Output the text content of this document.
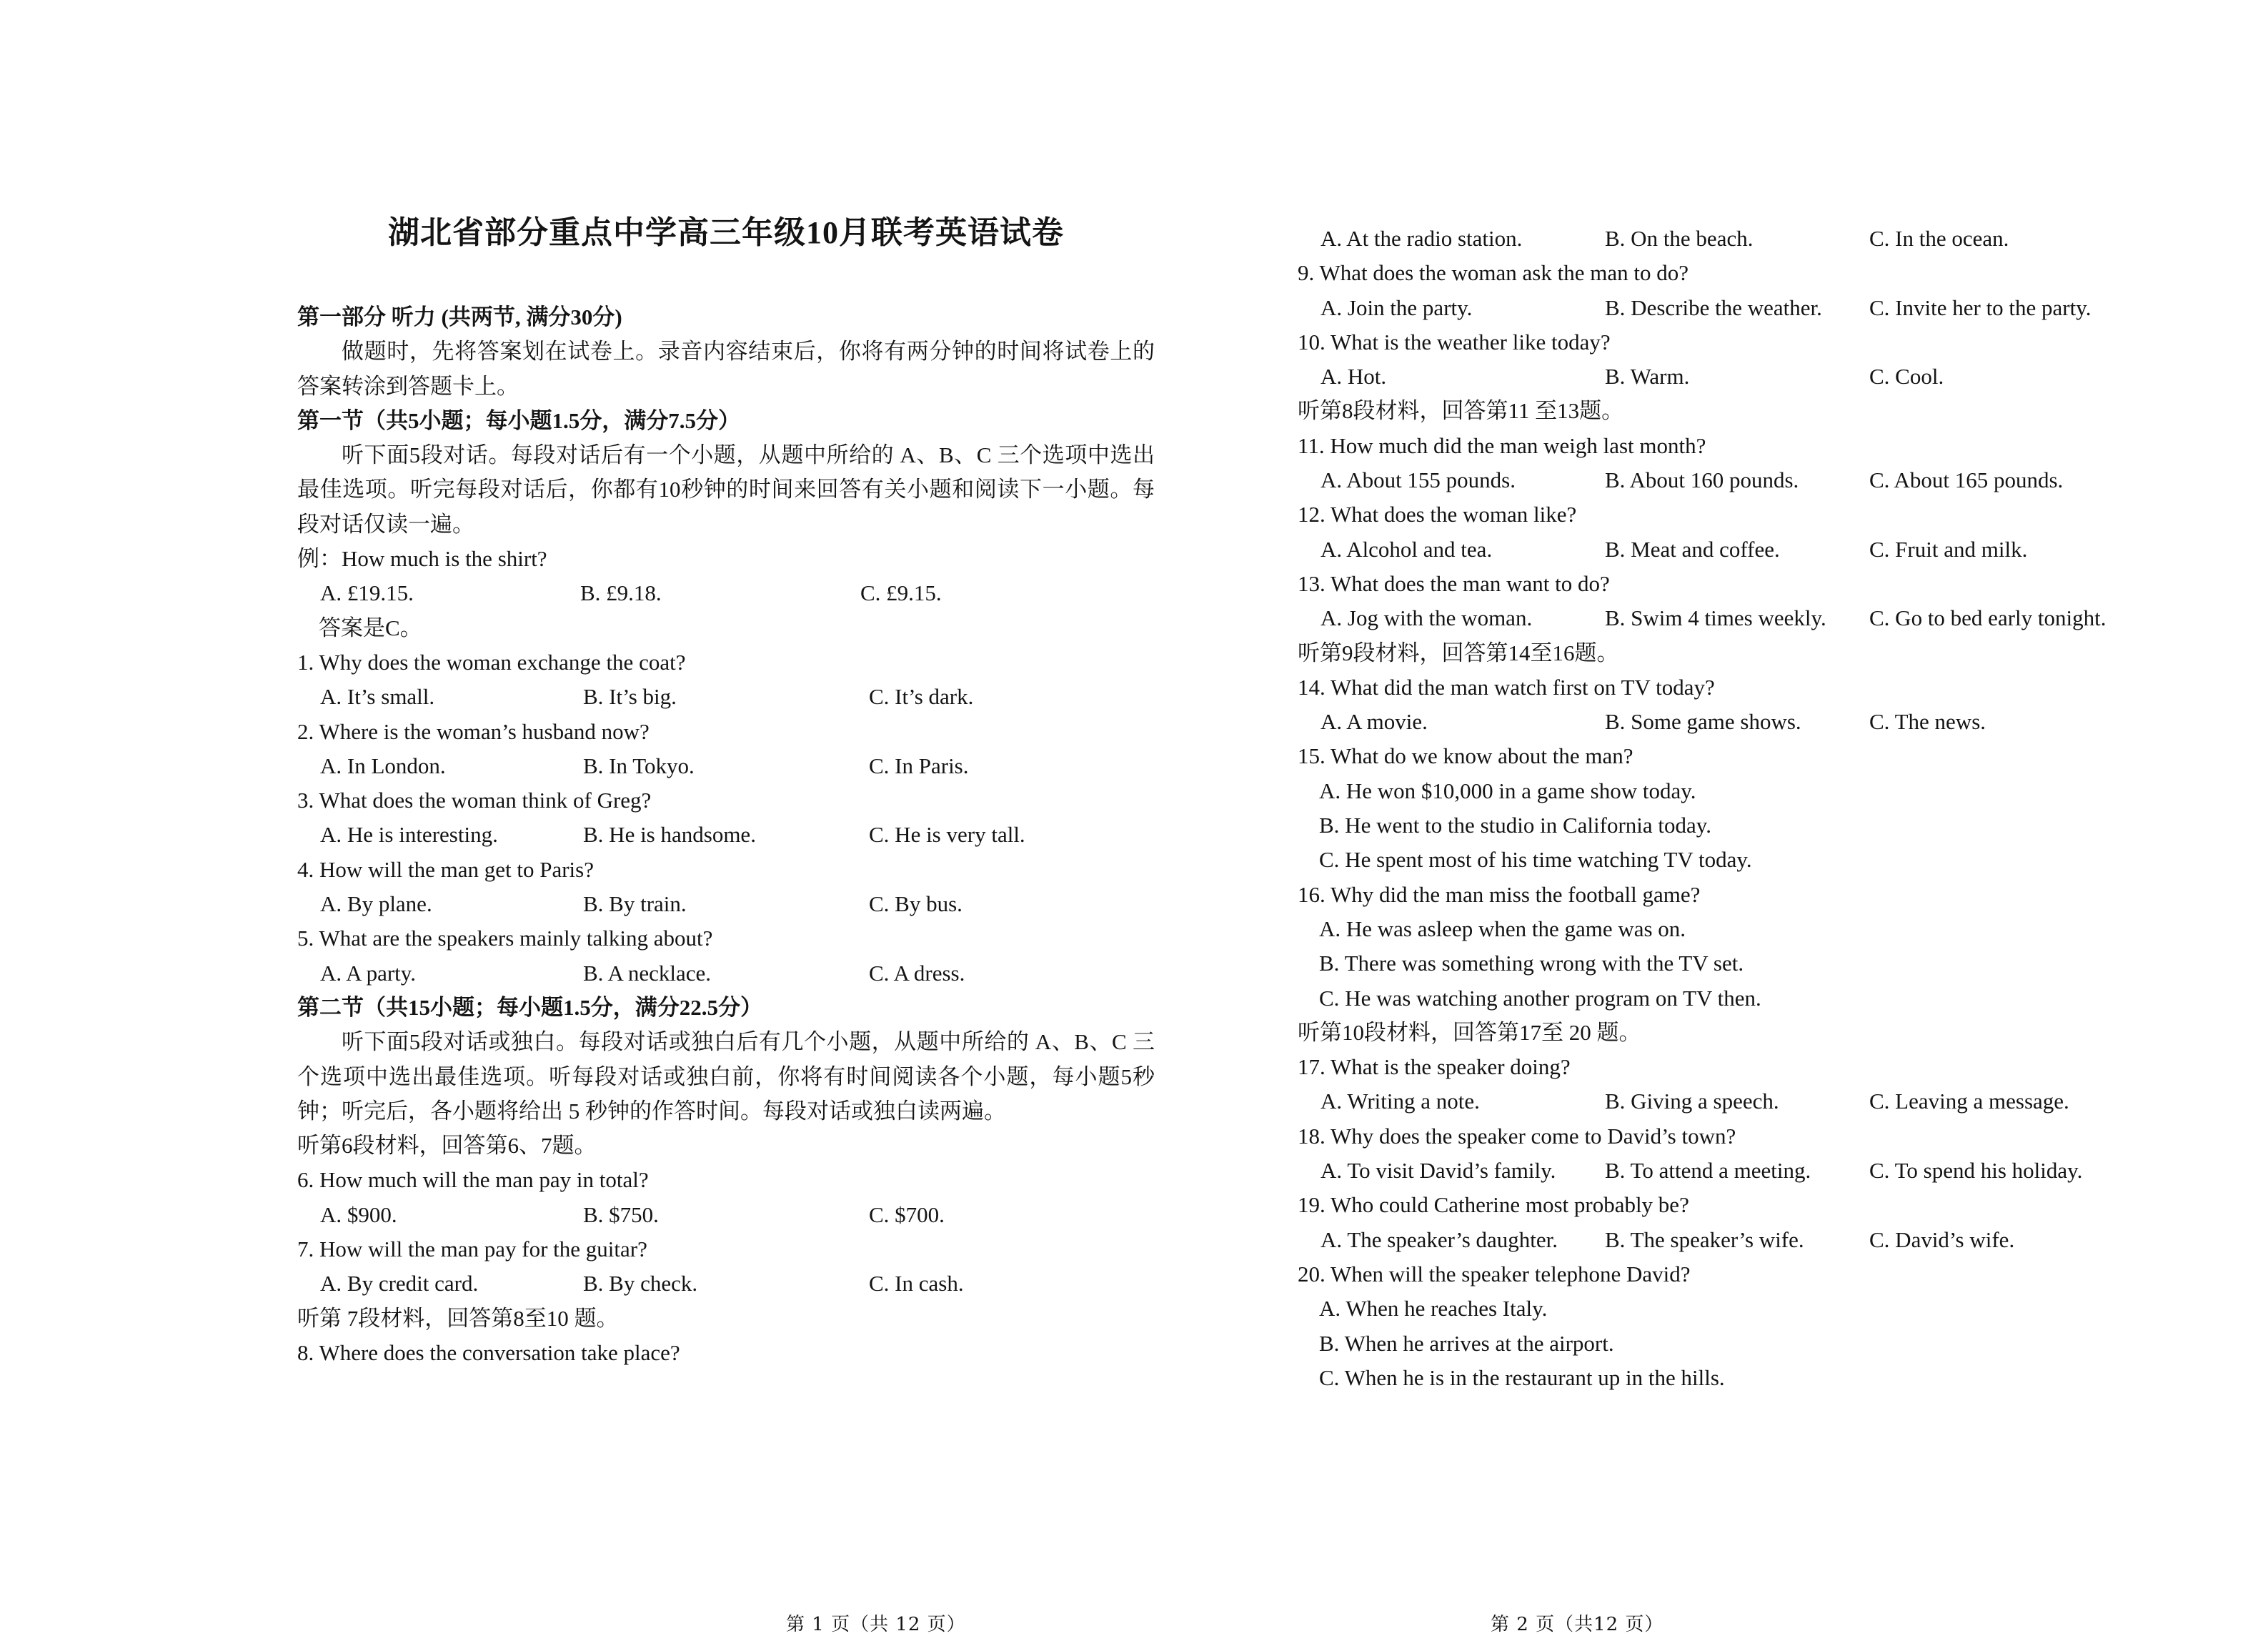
湖北省部分重点中学高三年级10月联考英语试卷
第一部分 听力 (共两节, 满分30分)
做题时，先将答案划在试卷上。录音内容结束后，你将有两分钟的时间将试卷上的答案转涂到答题卡上。
第一节（共5小题；每小题1.5分，满分7.5分）
听下面5段对话。每段对话后有一个小题，从题中所给的 A、B、C 三个选项中选出最佳选项。听完每段对话后，你都有10秒钟的时间来回答有关小题和阅读下一小题。每段对话仅读一遍。
例：How much is the shirt?
A. £19.15.	B. £9.18.	C. £9.15.
答案是C。
1. Why does the woman exchange the coat?
A. It’s small.	B. It’s big.	C. It’s dark.
2. Where is the woman’s husband now?
A. In London.	B. In Tokyo.	C. In Paris.
3. What does the woman think of Greg?
A. He is interesting.	B. He is handsome.	C. He is very tall.
4. How will the man get to Paris?
A. By plane.	B. By train.	C. By bus.
5. What are the speakers mainly talking about?
A. A party.	B. A necklace.	C. A dress.
第二节（共15小题；每小题1.5分，满分22.5分）
听下面5段对话或独白。每段对话或独白后有几个小题，从题中所给的 A、B、C 三个选项中选出最佳选项。听每段对话或独白前，你将有时间阅读各个小题，每小题5秒钟；听完后，各小题将给出 5 秒钟的作答时间。每段对话或独白读两遍。
听第6段材料，回答第6、7题。
6. How much will the man pay in total?
A. $900.	B. $750.	C. $700.
7. How will the man pay for the guitar?
A. By credit card.	B. By check.	C. In cash.
听第 7段材料，回答第8至10 题。
8. Where does the conversation take place?
第 1 页（共 12 页）
A. At the radio station.	B. On the beach.	C. In the ocean.
9. What does the woman ask the man to do?
A. Join the party.	B. Describe the weather. C. Invite her to the party.
10. What is the weather like today?
A. Hot.	B. Warm.	C. Cool.
听第8段材料，回答第11 至13题。
11. How much did the man weigh last month?
A. About 155 pounds.	B. About 160 pounds.	C. About 165 pounds.
12. What does the woman like?
A. Alcohol and tea.	B. Meat and coffee.	C. Fruit and milk.
13. What does the man want to do?
A. Jog with the woman.	B. Swim 4 times weekly. C. Go to bed early tonight.
听第9段材料，回答第14至16题。
14. What did the man watch first on TV today?
A. A movie.	B. Some game shows.	C. The news.
15. What do we know about the man?
A. He won $10,000 in a game show today.
B. He went to the studio in California today.
C. He spent most of his time watching TV today.
16. Why did the man miss the football game?
A. He was asleep when the game was on.
B. There was something wrong with the TV set.
C. He was watching another program on TV then.
听第10段材料，回答第17至 20 题。
17. What is the speaker doing?
A. Writing a note.	B. Giving a speech.	C. Leaving a message.
18. Why does the speaker come to David’s town?
A. To visit David’s family. B. To attend a meeting.	C. To spend his holiday.
19. Who could Catherine most probably be?
A. The speaker’s daughter. B. The speaker’s wife.	C. David’s wife.
20. When will the speaker telephone David?
A. When he reaches Italy.
B. When he arrives at the airport.
C. When he is in the restaurant up in the hills.
第 2 页（共12 页）
